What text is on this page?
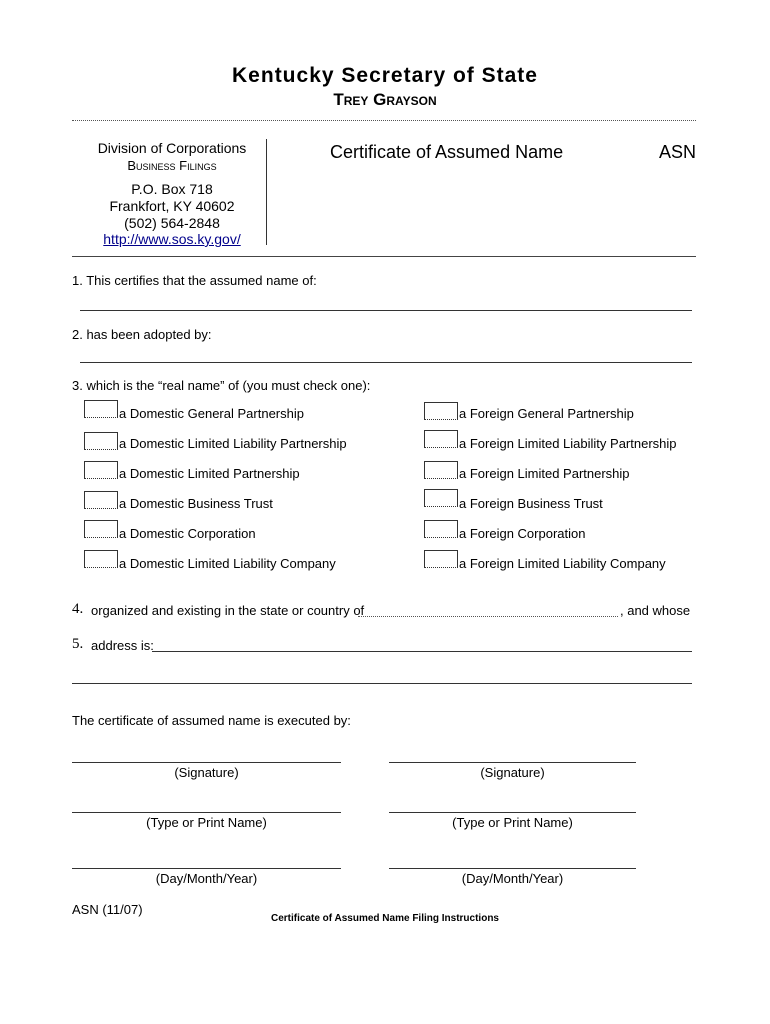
Kentucky Secretary of State
Trey Grayson
Division of Corporations
Business Filings
P.O. Box 718
Frankfort, KY 40602
(502) 564-2848
http://www.sos.ky.gov/
Certificate of Assumed Name	ASN
1. This certifies that the assumed name of:
2. has been adopted by:
3. which is the “real name” of (you must check one):
a Domestic General Partnership
a Domestic Limited Liability Partnership
a Domestic Limited Partnership
a Domestic Business Trust
a Domestic Corporation
a Domestic Limited Liability Company
a Foreign General Partnership
a Foreign Limited Liability Partnership
a Foreign Limited Partnership
a Foreign Business Trust
a Foreign Corporation
a Foreign Limited Liability Company
4. organized and existing in the state or country of	, and whose
5. address is:
The certificate of assumed name is executed by:
(Signature)	(Signature)
(Type or Print Name)	(Type or Print Name)
(Day/Month/Year)	(Day/Month/Year)
ASN (11/07)
Certificate of Assumed Name Filing Instructions
